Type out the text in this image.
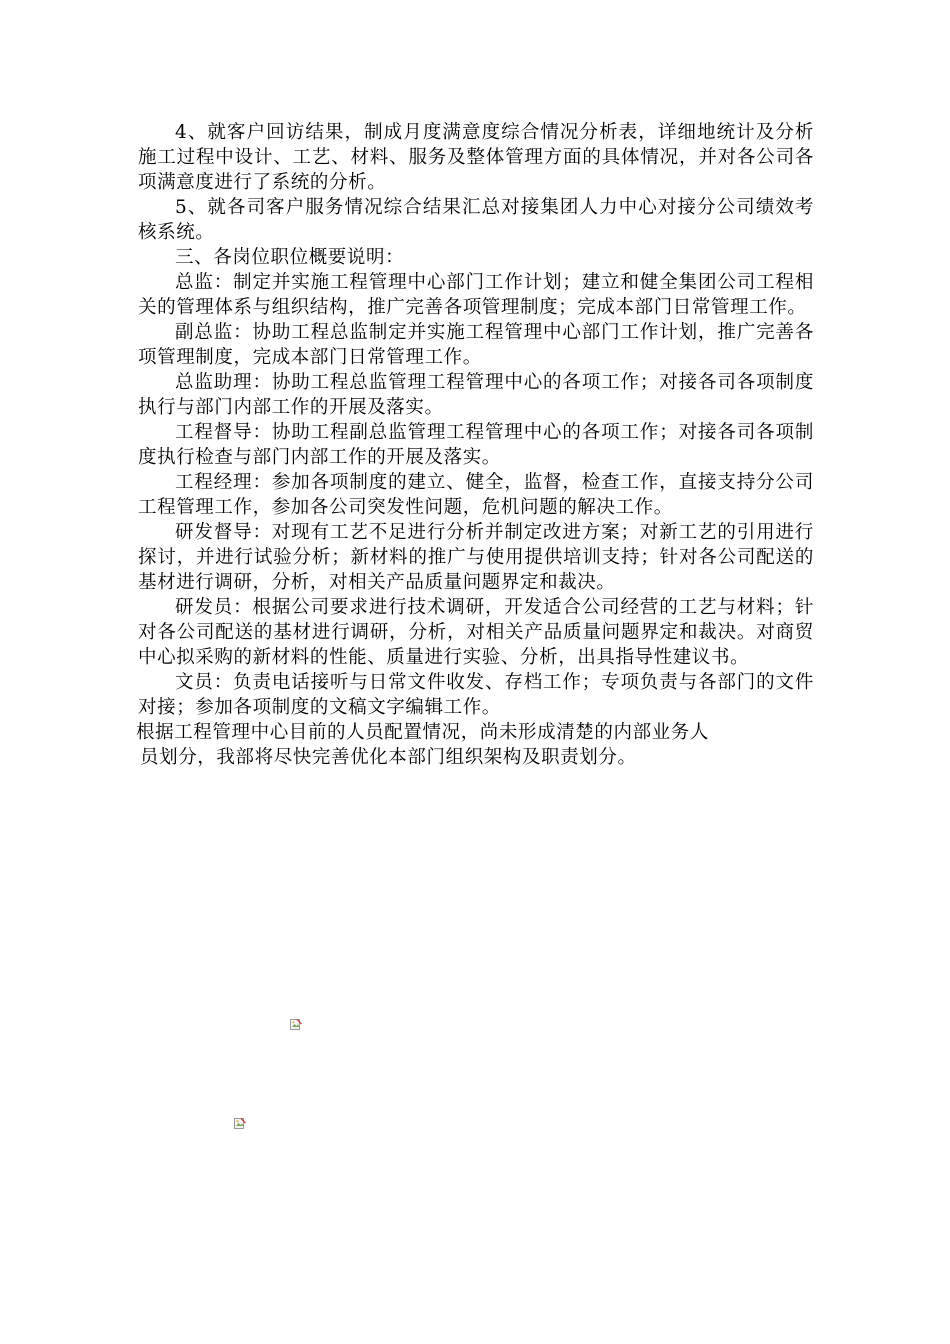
4、就客户回访结果，制成月度满意度综合情况分析表，详细地统计及分析施工过程中设计、工艺、材料、服务及整体管理方面的具体情况，并对各公司各项满意度进行了系统的分析。

5、就各司客户服务情况综合结果汇总对接集团人力中心对接分公司绩效考核系统。

三、各岗位职位概要说明：

总监：制定并实施工程管理中心部门工作计划；建立和健全集团公司工程相关的管理体系与组织结构，推广完善各项管理制度；完成本部门日常管理工作。

副总监：协助工程总监制定并实施工程管理中心部门工作计划，推广完善各项管理制度，完成本部门日常管理工作。

总监助理：协助工程总监管理工程管理中心的各项工作；对接各司各项制度执行与部门内部工作的开展及落实。

工程督导：协助工程副总监管理工程管理中心的各项工作；对接各司各项制度执行检查与部门内部工作的开展及落实。

工程经理：参加各项制度的建立、健全，监督，检查工作，直接支持分公司工程管理工作，参加各公司突发性问题，危机问题的解决工作。

研发督导：对现有工艺不足进行分析并制定改进方案；对新工艺的引用进行探讨，并进行试验分析；新材料的推广与使用提供培训支持；针对各公司配送的基材进行调研，分析，对相关产品质量问题界定和裁决。

研发员：根据公司要求进行技术调研，开发适合公司经营的工艺与材料；针对各公司配送的基材进行调研，分析，对相关产品质量问题界定和裁决。对商贸中心拟采购的新材料的性能、质量进行实验、分析，出具指导性建议书。

文员：负责电话接听与日常文件收发、存档工作；专项负责与各部门的文件对接；参加各项制度的文稿文字编辑工作。

根据工程管理中心目前的人员配置情况，尚未形成清楚的内部业务人
员划分，我部将尽快完善优化本部门组织架构及职责划分。
